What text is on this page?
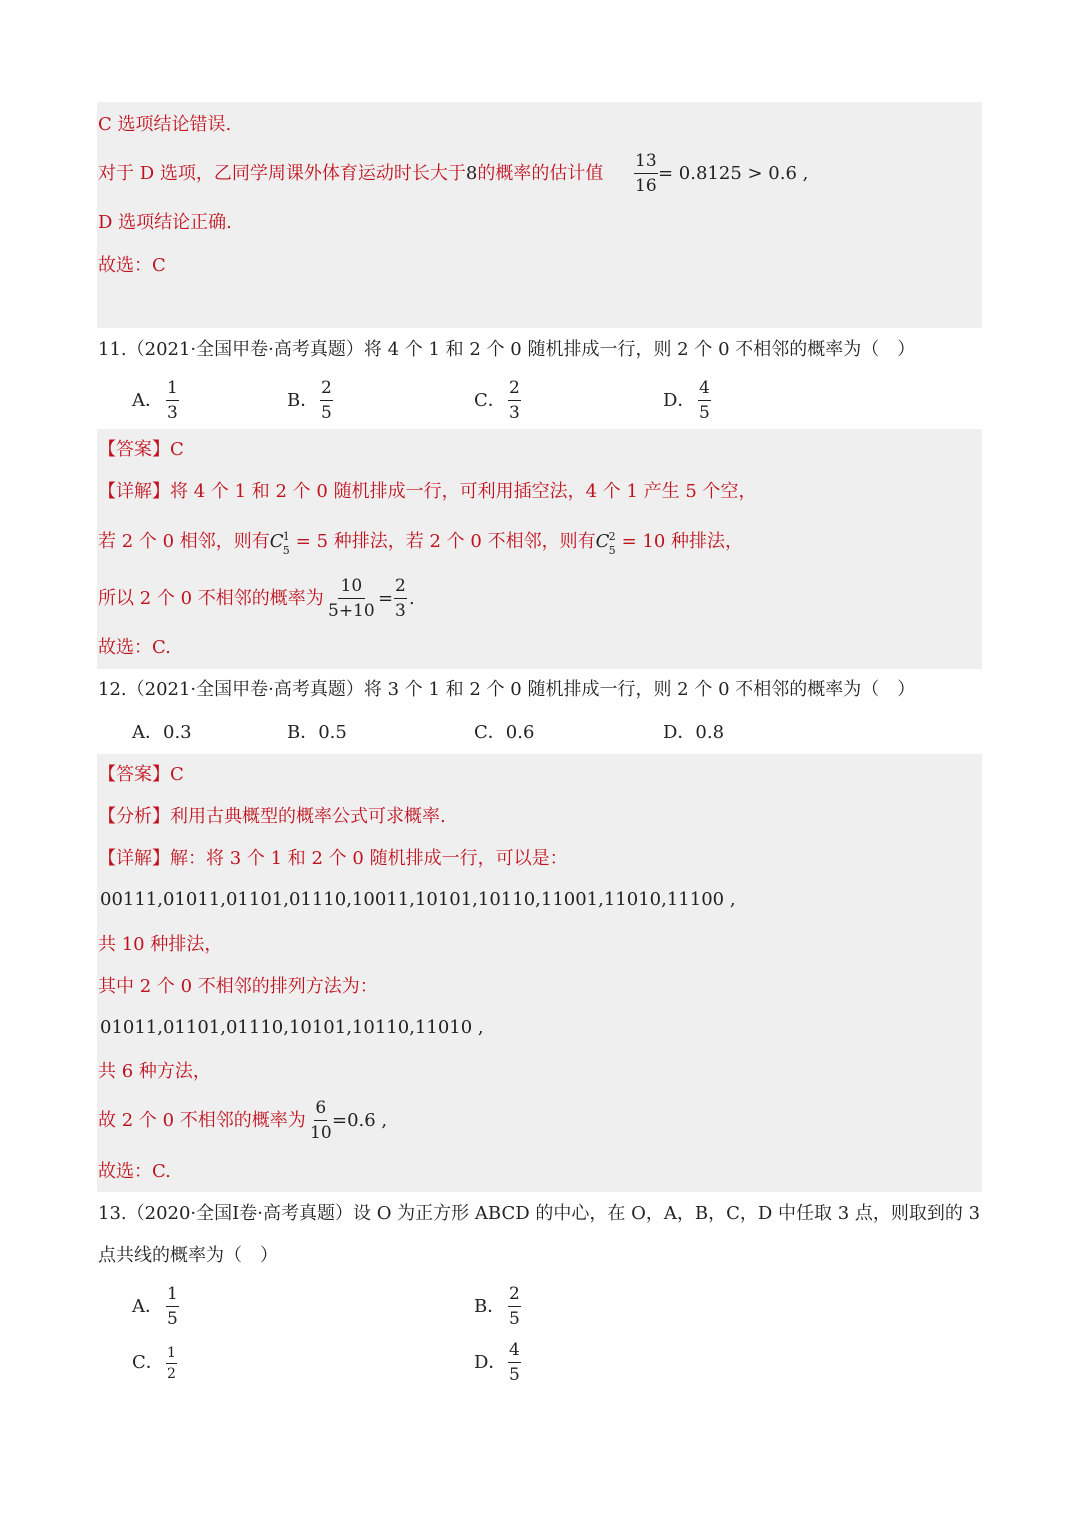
C 选项结论错误.
对于 D 选项，乙同学周课外体育运动时长大于8的概率的估计值 $\frac{13}{16} = 0.8125 > 0.6$ ,
D 选项结论正确.
故选：C
11.（2021·全国甲卷·高考真题）将 4 个 1 和 2 个 0 随机排成一行，则 2 个 0 不相邻的概率为（　）
A． $\frac{1}{3}$	B． $\frac{2}{5}$	C． $\frac{2}{3}$	D． $\frac{4}{5}$
【答案】C
【详解】将 4 个 1 和 2 个 0 随机排成一行，可利用插空法，4 个 1 产生 5 个空，
若 2 个 0 相邻，则有 C 1
5 = 5 种排法，若 2 个 0 不相邻，则有 C 2
5 = 10 种排法，
所以 2 个 0 不相邻的概率为 $\frac{10}{5+10} = \frac{2}{3}$ .
故选：C.
12.（2021·全国甲卷·高考真题）将 3 个 1 和 2 个 0 随机排成一行，则 2 个 0 不相邻的概率为（　）
A．0.3	B．0.5	C．0.6	D．0.8
【答案】C
【分析】利用古典概型的概率公式可求概率.
【详解】解：将 3 个 1 和 2 个 0 随机排成一行，可以是：
00111,01011,01101,01110,10011,10101,10110,11001,11010,11100 ,
共 10 种排法，
其中 2 个 0 不相邻的排列方法为：
01011,01101,01110,10101,10110,11010 ,
共 6 种方法，
故 2 个 0 不相邻的概率为 $\frac{6}{10} =0.6$ ,
故选：C.
13.（2020·全国Ⅰ卷·高考真题）设 O 为正方形 ABCD 的中心，在 O，A，B，C，D 中任取 3 点，则取到的 3
点共线的概率为（　）
A． $\frac{1}{5}$	B． $\frac{2}{5}$
C． $\frac{1}{2}$	D． $\frac{4}{5}$
